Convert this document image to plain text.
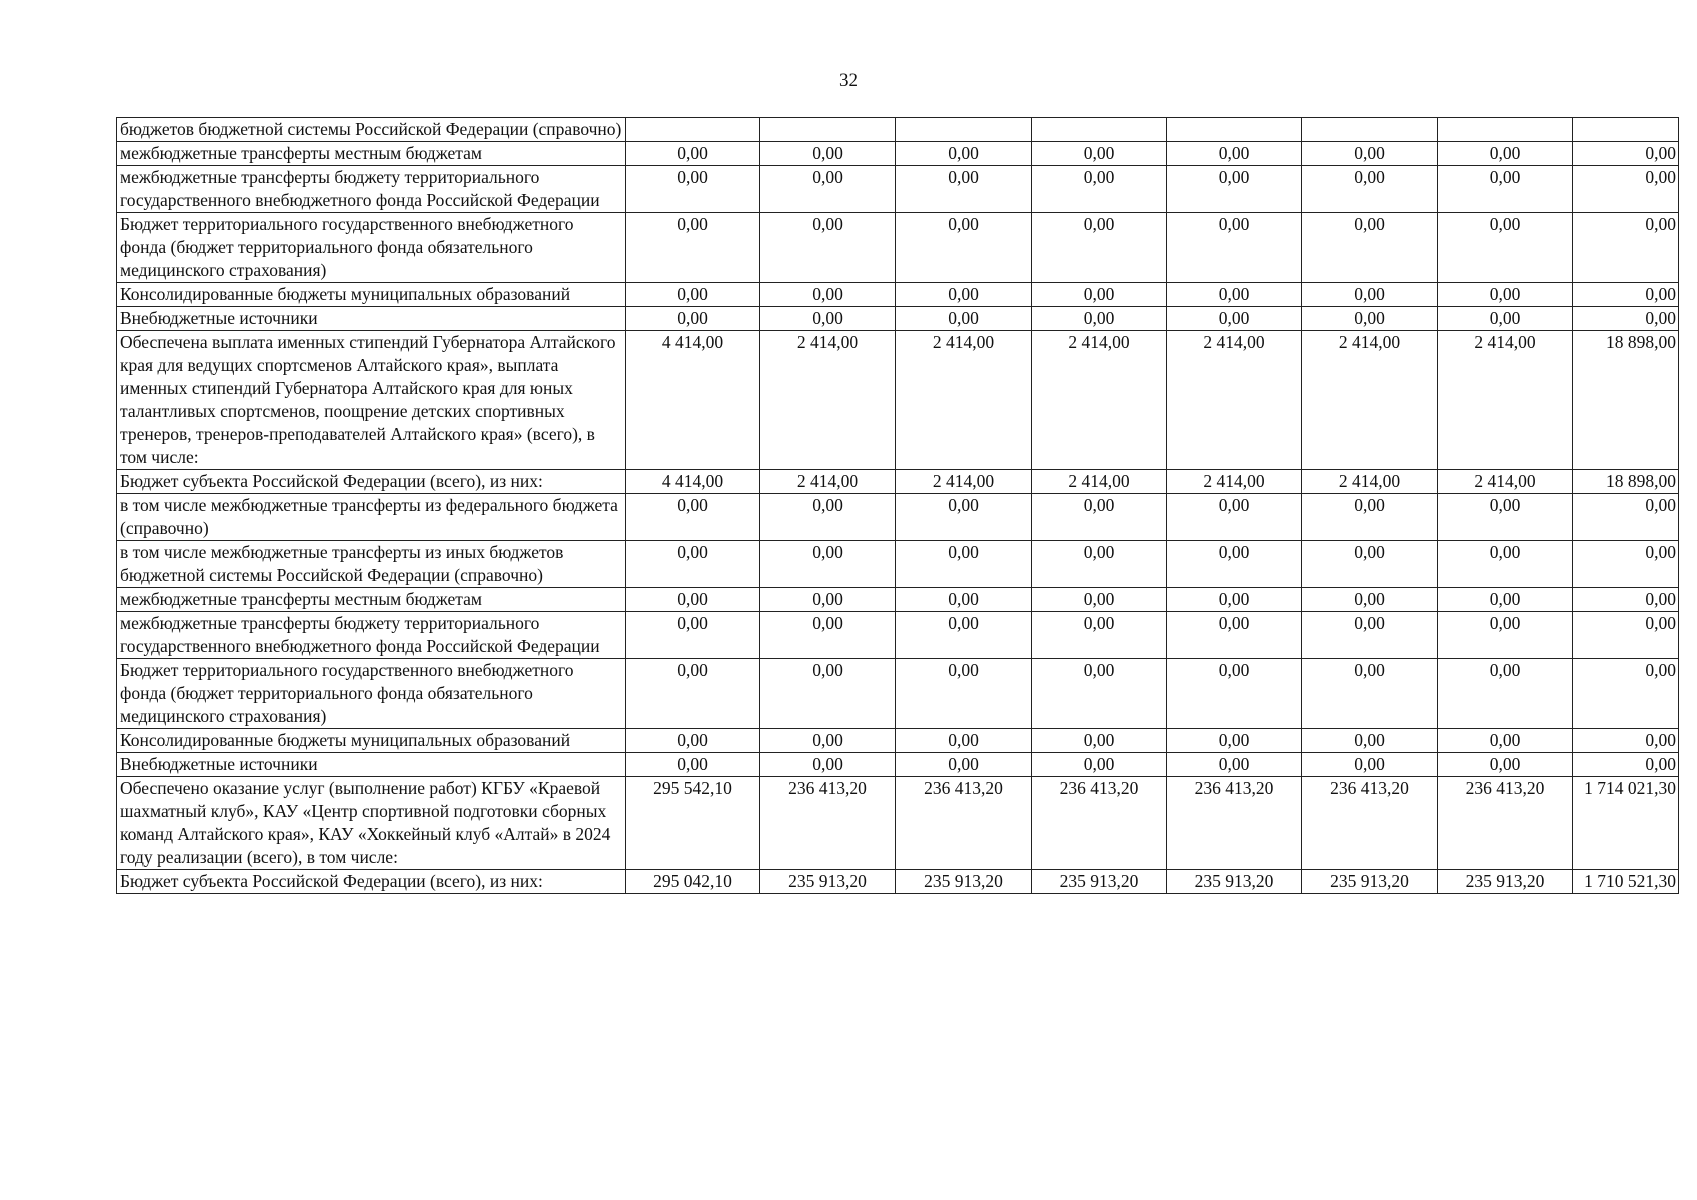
32
бюджетов бюджетной системы Российской Федерации (справочно)								
межбюджетные трансферты местным бюджетам	0,00	0,00	0,00	0,00	0,00	0,00	0,00	0,00
межбюджетные трансферты бюджету территориального государственного внебюджетного фонда Российской Федерации	0,00	0,00	0,00	0,00	0,00	0,00	0,00	0,00
Бюджет территориального государственного внебюджетного фонда (бюджет территориального фонда обязательного медицинского страхования)	0,00	0,00	0,00	0,00	0,00	0,00	0,00	0,00
Консолидированные бюджеты муниципальных образований	0,00	0,00	0,00	0,00	0,00	0,00	0,00	0,00
Внебюджетные источники	0,00	0,00	0,00	0,00	0,00	0,00	0,00	0,00
Обеспечена выплата именных стипендий Губернатора Алтайского края для ведущих спортсменов Алтайского края», выплата именных стипендий Губернатора Алтайского края для юных талантливых спортсменов, поощрение детских спортивных тренеров, тренеров-преподавателей Алтайского края» (всего), в том числе:	4 414,00	2 414,00	2 414,00	2 414,00	2 414,00	2 414,00	2 414,00	18 898,00
Бюджет субъекта Российской Федерации (всего), из них:	4 414,00	2 414,00	2 414,00	2 414,00	2 414,00	2 414,00	2 414,00	18 898,00
в том числе межбюджетные трансферты из федерального бюджета (справочно)	0,00	0,00	0,00	0,00	0,00	0,00	0,00	0,00
в том числе межбюджетные трансферты из иных бюджетов бюджетной системы Российской Федерации (справочно)	0,00	0,00	0,00	0,00	0,00	0,00	0,00	0,00
межбюджетные трансферты местным бюджетам	0,00	0,00	0,00	0,00	0,00	0,00	0,00	0,00
межбюджетные трансферты бюджету территориального государственного внебюджетного фонда Российской Федерации	0,00	0,00	0,00	0,00	0,00	0,00	0,00	0,00
Бюджет территориального государственного внебюджетного фонда (бюджет территориального фонда обязательного медицинского страхования)	0,00	0,00	0,00	0,00	0,00	0,00	0,00	0,00
Консолидированные бюджеты муниципальных образований	0,00	0,00	0,00	0,00	0,00	0,00	0,00	0,00
Внебюджетные источники	0,00	0,00	0,00	0,00	0,00	0,00	0,00	0,00
Обеспечено оказание услуг (выполнение работ) КГБУ «Краевой шахматный клуб», КАУ «Центр спортивной подготовки сборных команд Алтайского края», КАУ «Хоккейный клуб «Алтай» в 2024 году реализации (всего), в том числе:	295 542,10	236 413,20	236 413,20	236 413,20	236 413,20	236 413,20	236 413,20	1 714 021,30
Бюджет субъекта Российской Федерации (всего), из них:	295 042,10	235 913,20	235 913,20	235 913,20	235 913,20	235 913,20	235 913,20	1 710 521,30
